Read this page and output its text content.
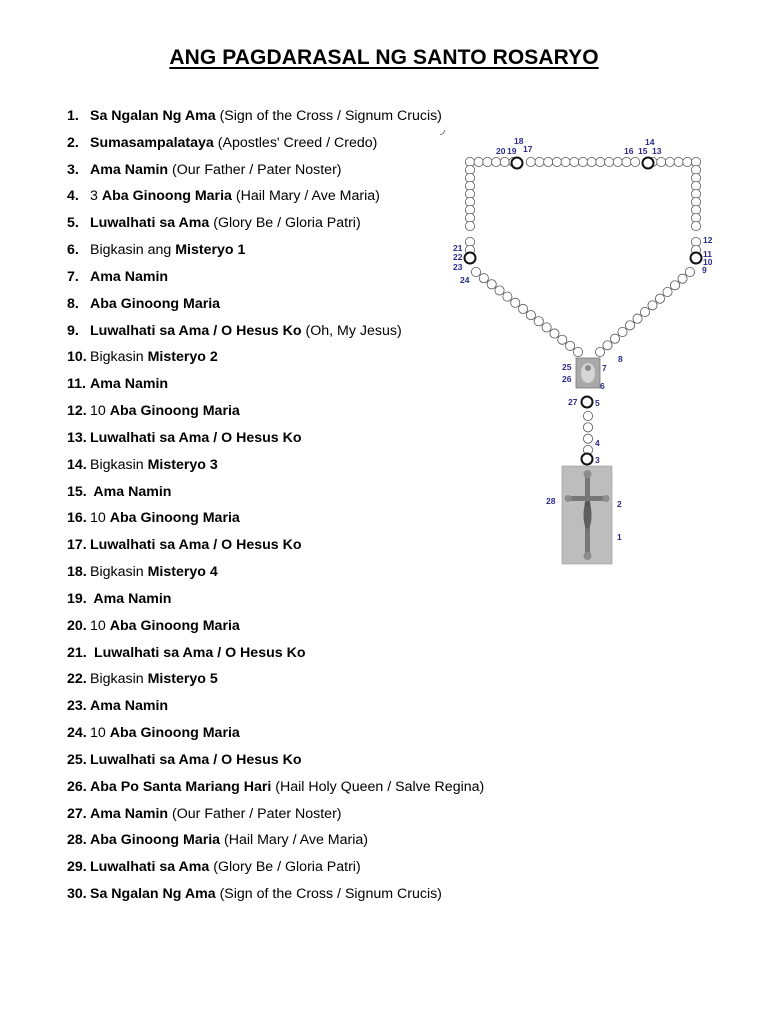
ANG PAGDARASAL NG SANTO ROSARYO
1. Sa Ngalan Ng Ama (Sign of the Cross / Signum Crucis)
2. Sumasampalataya (Apostles' Creed / Credo)
3. Ama Namin (Our Father / Pater Noster)
4. 3 Aba Ginoong Maria (Hail Mary / Ave Maria)
5. Luwalhati sa Ama (Glory Be / Gloria Patri)
6. Bigkasin ang Misteryo 1
7. Ama Namin
8. Aba Ginoong Maria
9. Luwalhati sa Ama / O Hesus Ko (Oh, My Jesus)
10. Bigkasin Misteryo 2
11. Ama Namin
12. 10 Aba Ginoong Maria
13. Luwalhati sa Ama / O Hesus Ko
14. Bigkasin Misteryo 3
15. Ama Namin
16. 10 Aba Ginoong Maria
17. Luwalhati sa Ama / O Hesus Ko
18. Bigkasin Misteryo 4
19. Ama Namin
20. 10 Aba Ginoong Maria
21. Luwalhati sa Ama / O Hesus Ko
22. Bigkasin Misteryo 5
23. Ama Namin
24. 10 Aba Ginoong Maria
25. Luwalhati sa Ama / O Hesus Ko
26. Aba Po Santa Mariang Hari (Hail Holy Queen / Salve Regina)
27. Ama Namin (Our Father / Pater Noster)
28. Aba Ginoong Maria (Hail Mary / Ave Maria)
29. Luwalhati sa Ama (Glory Be / Gloria Patri)
30. Sa Ngalan Ng Ama (Sign of the Cross / Signum Crucis)
1
2
3
4
5
6
7
8
9
10
11
12
13
14
15
16
17
18
19
20
21
22
23
24
25
26
27
28
